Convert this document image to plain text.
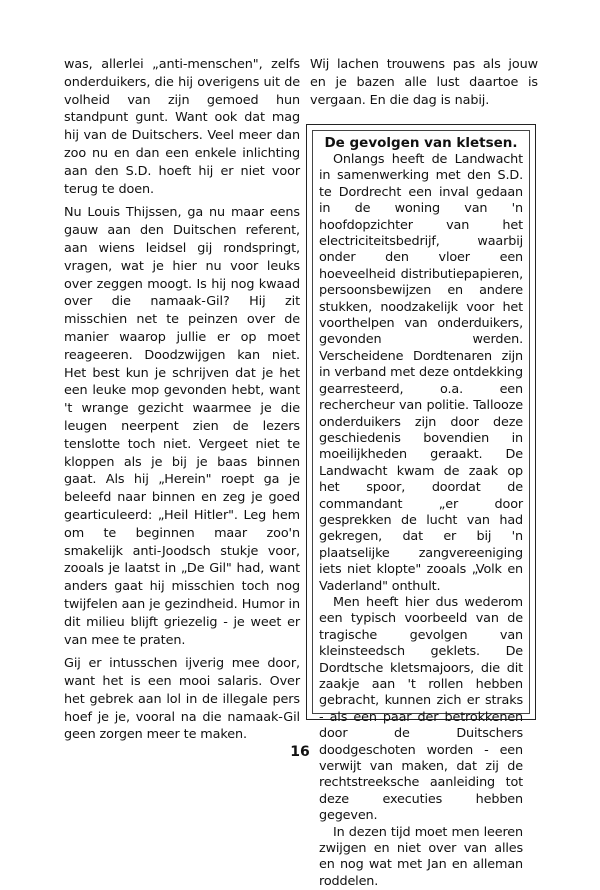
was, allerlei „anti-menschen", zelfs onderduikers, die hij overigens uit de volheid van zijn gemoed hun standpunt gunt. Want ook dat mag hij van de Duitschers. Veel meer dan zoo nu en dan een enkele inlichting aan den S.D. hoeft hij er niet voor terug te doen.

Nu Louis Thijssen, ga nu maar eens gauw aan den Duitschen referent, aan wiens leidsel gij rondspringt, vragen, wat je hier nu voor leuks over zeggen moogt. Is hij nog kwaad over die namaak-Gil? Hij zit misschien net te peinzen over de manier waarop jullie er op moet reageeren. Doodzwijgen kan niet. Het best kun je schrijven dat je het een leuke mop gevonden hebt, want 't wrange gezicht waarmee je die leugen neerpent zien de lezers tenslotte toch niet. Vergeet niet te kloppen als je bij je baas binnen gaat. Als hij „Herein" roept ga je beleefd naar binnen en zeg je goed gearticuleerd: „Heil Hitler". Leg hem om te beginnen maar zoo'n smakelijk anti-Joodsch stukje voor, zooals je laatst in „De Gil" had, want anders gaat hij misschien toch nog twijfelen aan je gezindheid. Humor in dit milieu blijft griezelig - je weet er van mee te praten.

Gij er intusschen ijverig mee door, want het is een mooi salaris. Over het gebrek aan lol in de illegale pers hoef je je, vooral na die namaak-Gil geen zorgen meer te maken.

Wij lachen trouwens pas als jouw en je bazen alle lust daartoe is vergaan. En die dag is nabij.

De gevolgen van kletsen.

Onlangs heeft de Landwacht in samenwerking met den S.D. te Dordrecht een inval gedaan in de woning van 'n hoofdopzichter van het electriciteitsbedrijf, waarbij onder den vloer een hoeveelheid distributiepapieren, persoonsbewijzen en andere stukken, noodzakelijk voor het voorthelpen van onderduikers, gevonden werden. Verscheidene Dordtenaren zijn in verband met deze ontdekking gearresteerd, o.a. een rechercheur van politie. Tallooze onderduikers zijn door deze geschiedenis bovendien in moeilijkheden geraakt. De Landwacht kwam de zaak op het spoor, doordat de commandant „er door gesprekken de lucht van had gekregen, dat er bij 'n plaatselijke zangvereeniging iets niet klopte" zooals „Volk en Vaderland" onthult.

Men heeft hier dus wederom een typisch voorbeeld van de tragische gevolgen van kleinsteedsch geklets. De Dordtsche kletsmajoors, die dit zaakje aan 't rollen hebben gebracht, kunnen zich er straks - als een paar der betrokkenen door de Duitschers doodgeschoten worden - een verwijt van maken, dat zij de rechtstreeksche aanleiding tot deze executies hebben gegeven.

In dezen tijd moet men leeren zwijgen en niet over van alles en nog wat met Jan en alleman roddelen.

16
